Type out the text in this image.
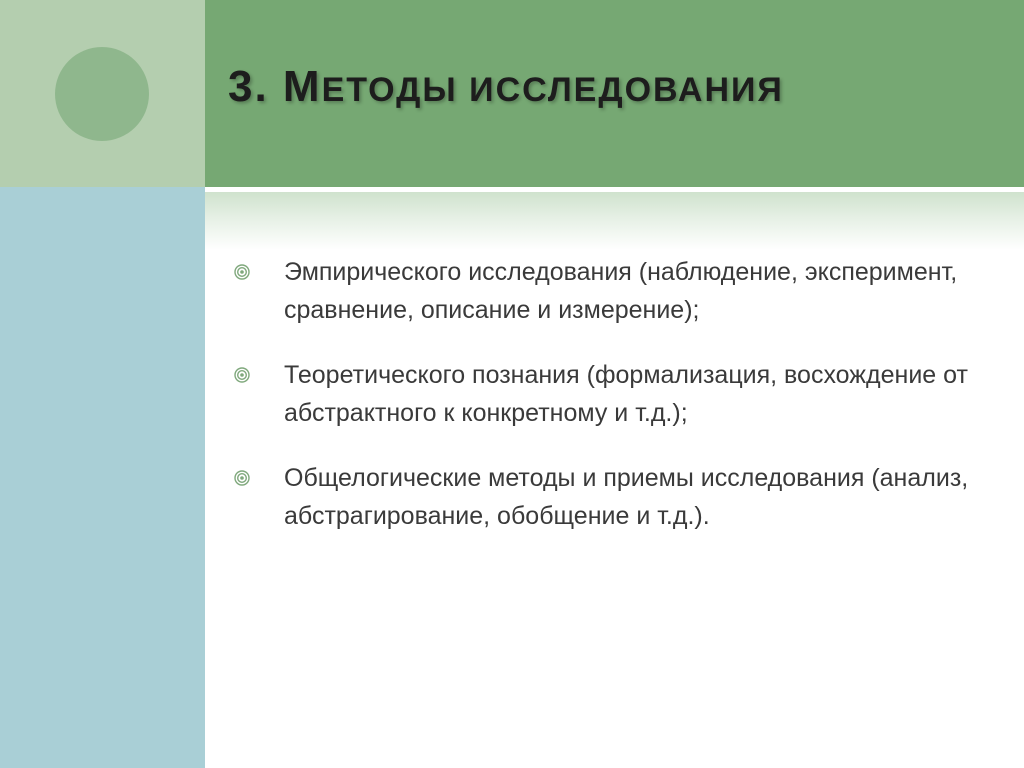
3. МЕТОДЫ ИССЛЕДОВАНИЯ
Эмпирического исследования (наблюдение, эксперимент, сравнение, описание и измерение);
Теоретического познания (формализация, восхождение от абстрактного к конкретному и т.д.);
Общелогические методы и приемы исследования (анализ, абстрагирование, обобщение и т.д.).
